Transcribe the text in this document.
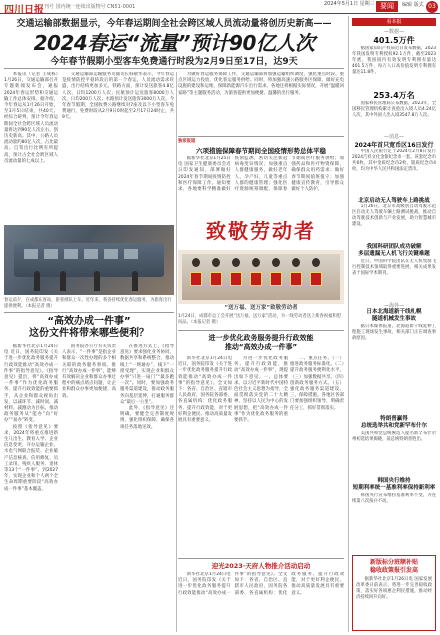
四川日报 刊号 国内统一连续出版物号 CN51-0001	2024年5月1日 星期三 要闻	编辑 版式 03
交通运输部数据显示，今年春运期间全社会跨区域人员流动量将创历史新高——
2024春运“流量”预计90亿人次
今年春节假期小型客车免费通行时段为2月9日至17日，达9天

本报讯（记者 王成栋）1月26日，交通运输部召开专题新闻发布会，通报2024年春运形势和交通运输工作总体安排。据介绍，今年春运从1月26日开始，至3月5日结束，共40天。经综合研判，预计今年春运期间全社会跨区域人员流动量将达到90亿人次左右，创历史新高。其中，公路人员流动量约80亿人次，占比最高。自驾出行比例有所提高，预计占全社会跨区域人员流动量的七成以上。

交通运输部运输服务司副司长韩敬华表示，今年春运是疫情防控平稳转段后的第一个春运，人员流动需求旺盛，出行结构更加多元。铁路方面，预计发送旅客4.8亿人次，日均1200万人次；民航预计运送旅客8000万人次，日均200万人次；水路预计发送旅客3000万人次。今年春节假期，全国收费公路继续对7座及以下小型客车免费通行，免费时段从2月9日0时起至2月17日24时止，共9天。

为做好春运服务保障工作，交通运输部将加强运输组织调度，强化重点时段、重点区域运力投放，优化客运服务供给。同时，将加强高速公路服务区保障，做好充电设施的建设和运维，保障新能源汽车出行需求。各地还将根据实际情况，开展“温暖回家路”等主题服务活动，为旅客提供更加便捷、温馨的出行服务。

春运前夕，在成都东客站，旅客排队上车。近年来，我省持续优化春运服务，为旅客出行提供便利。（本报记者 摄）
“高效办成一件事”
这份文件将带来哪些便利？

据新华社北京1月24日电 近日，国务院印发《关于进一步优化政务服务提升行政效能推动“高效办成一件事”的指导意见》。《指导意见》提出，将“高效办成一件事”作为优化政务服务、提升行政效能的重要抓手，从企业和群众视角出发，以减环节、减时间、减材料、减跑动为目标，推动政务服务从“能办”向“好办”“易办”转变。

按照《指导意见》要求，2024年将重点推进新生儿出生、教育入学、企业信息变更、开办运输企业、水电气网联合报装、企业破产信息核查、信用修复、员工录用、残疾人服务、退休等13个“一件事”。到2027年，实现企业和个人两个全生命周期重要阶段“高效办成一件事”基本覆盖。

国务院办公厅有关负责人表示，“一件事”是指企业和群众一次性办理的多个相关联的政务服务事项。推行“高效办成一件事”，能够有效解决企业和群众办事过程中的痛点堵点问题，让企业和群众办事更加便捷、高效。

在推进方式上，《指导意见》要求强化业务协同、数据共享和系统整合，推动线上“一网通办”、线下“一窗受理”，实现企业和群众办事“只进一扇门”“最多跑一次”。同时，要加强政务服务渠道建设，推动政务服务向基层延伸，打通服务群众“最后一公里”。

此外，《指导意见》还明确，要健全完善制度规则，强化组织保障，确保各项任务落地见效。

独家报道
六项措施保障春节期间全国疫情形势总体平稳

据新华社北京1月25日电 国家卫生健康委员会近日印发通知，部署做好2024年春节期间疫情防控和医疗保障工作。通知要求，各地要科学精准做好疫情监测，密切关注新冠病毒变异情况；加强重点人群健康服务，做好老年人、孕产妇、儿童等重点人群的健康管理；强化医疗资源统筹调配，保障春节期间医疗服务供给；加强药品和医疗物资保障，确保群众用药需求；做好春节期间值班值守；加强健康宣传教育，引导群众做好个人防护。

致敬劳动者
“送万福、送万家”致敬劳动者
1月24日，成都市总工会开展“送万福、送万家”活动，为一线劳动者送上新春祝福和慰问品。（本报记者 摄）
进一步优化政务服务提升行政效能
推动“高效办成一件事”

新华社北京1月24日电 近日，国务院印发《关于进一步优化政务服务提升行政效能推动“高效办成一件事”的指导意见》。全文如下：各省、自治区、直辖市人民政府，国务院各部委、各直属机构：优化政务服务、提升行政效能，对于更好利企便民、推动高质量发展具有重要意义。

为进一步优化政务服务、提升行政效能，推动“高效办成一件事”，现提出如下意见。一、总体要求。以习近平新时代中国特色社会主义思想为指导，全面贯彻落实党的二十大精神，坚持以人民为中心的发展思想，把“高效办成一件事”作为优化政务服务的重要抓手。

二、重点任务。（一）推进政务服务标准化。（二）提升政务服务便利化水平。（三）加强数据共享。（四）创新政务服务方式。（五）强化政务服务渠道建设。三、保障措施。各地区各部门要加强组织领导，明确责任分工，抓好贯彻落实。

迎光2023·天府人物推介活动启动

新华社北京1月24日电 近日，国务院印发《关于进一步优化政务服务提升行政效能推动“高效办成一件事”的指导意见》。全文如下：各省、自治区、直辖市人民政府，国务院各部委、各直属机构：优化政务服务、提升行政效能，对于更好利企便民、推动高质量发展具有重要意义。

看本报
—数据—
401.5万件
据国家知识产权局近日发布数据，2023年我国发明专利授权92.1万件，截至2023年底，我国国内有效发明专利拥有量达401.5万件，每万人口高价值发明专利拥有量达11.8件。
253.4万名
国家移民管理局公布数据，2023年，全国移民管理机构累计查验出入境人员4.24亿人次，其中外国人出入境3547.8万人次。
—消息—
2024年首只宽币区16日发行
中国人民银行定于2024年2月8日发行2024吉祥文化金银纪念币一套。该套纪念币共6枚，其中金质纪念币2枚，银质纪念币4枚，均为中华人民共和国法定货币。
北京启动无人驾驶车上路挑战
1月26日，北京市高级别自动驾驶示范区启动无人驾驶车辆上路测试挑战，推动自动驾驶技术创新与产业发展，助力智慧城市建设。
我国科研团队成功破解
多层遗漏无人机飞行关键难题
近日，中国科学院团队在无人机集群飞行控制技术领域取得重要进展，相关成果发表于国际学术期刊。
—海外—
日本北海道新干线札幌
隧道机械发生事故
据日本媒体报道，北海道新干线延伸工程施工现场发生事故，相关部门正在调查事故原因。
特朗普赢得
总统选举共和党新罕布什尔
美国共和党总统候选人提名新罕布什尔州初选结果揭晓，前总统特朗普胜出。
韩国央行维持
短期利率统一基准利率保持新利率
韩国央行宣布维持基准利率不变，为连续第八次按兵不动。
新版标分班额补贴
稳收政策报引发高
据新华社北京1月26日电 国家发展改革委日前表示，将进一步完善稳收政策，落实好各项惠企利民措施，推动经济持续回升向好。
